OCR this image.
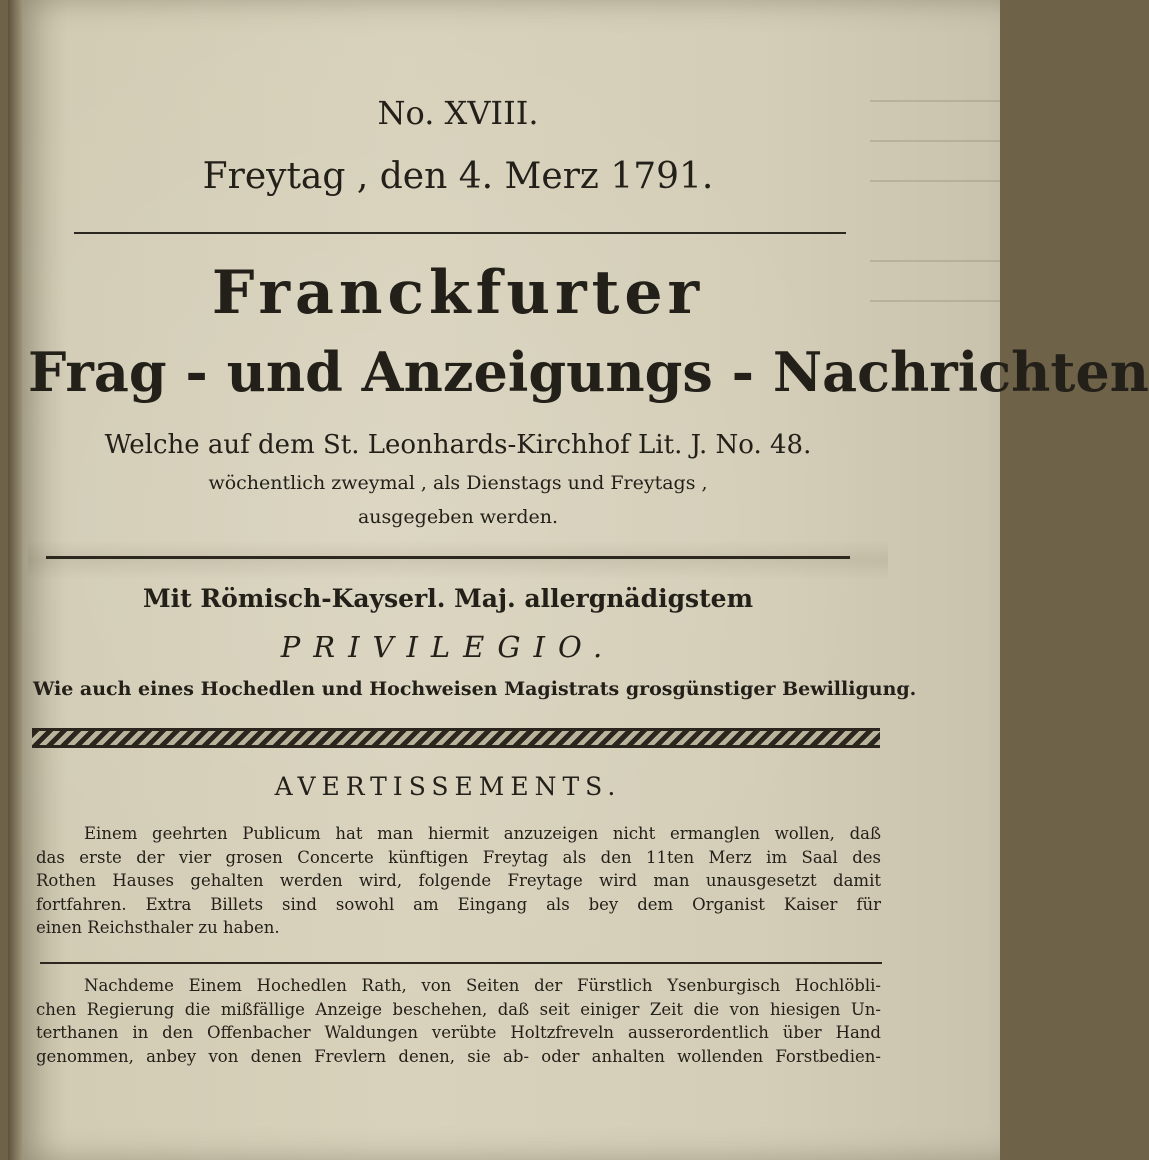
No. XVIII.
Freytag , den 4. Merz 1791.
Franckfurter
Frag - und Anzeigungs - Nachrichten
Welche auf dem St. Leonhards-Kirchhof Lit. J. No. 48.
wöchentlich zweymal , als Dienstags und Freytags ,
ausgegeben werden.
Mit Römisch-Kayserl. Maj. allergnädigstem
PRIVILEGIO.
Wie auch eines Hochedlen und Hochweisen Magistrats grosgünstiger Bewilligung.
AVERTISSEMENTS.
Einem geehrten Publicum hat man hiermit anzuzeigen nicht ermanglen wollen, daß
das erste der vier grosen Concerte künftigen Freytag als den 11ten Merz im Saal des
Rothen Hauses gehalten werden wird, folgende Freytage wird man unausgesetzt damit
fortfahren. Extra Billets sind sowohl am Eingang als bey dem Organist Kaiser für
einen Reichsthaler zu haben.
Nachdeme Einem Hochedlen Rath, von Seiten der Fürstlich Ysenburgisch Hochlöbli-
chen Regierung die mißfällige Anzeige beschehen, daß seit einiger Zeit die von hiesigen Un-
terthanen in den Offenbacher Waldungen verübte Holtzfreveln ausserordentlich über Hand
genommen, anbey von denen Frevlern denen, sie ab- oder anhalten wollenden Forstbedien-
